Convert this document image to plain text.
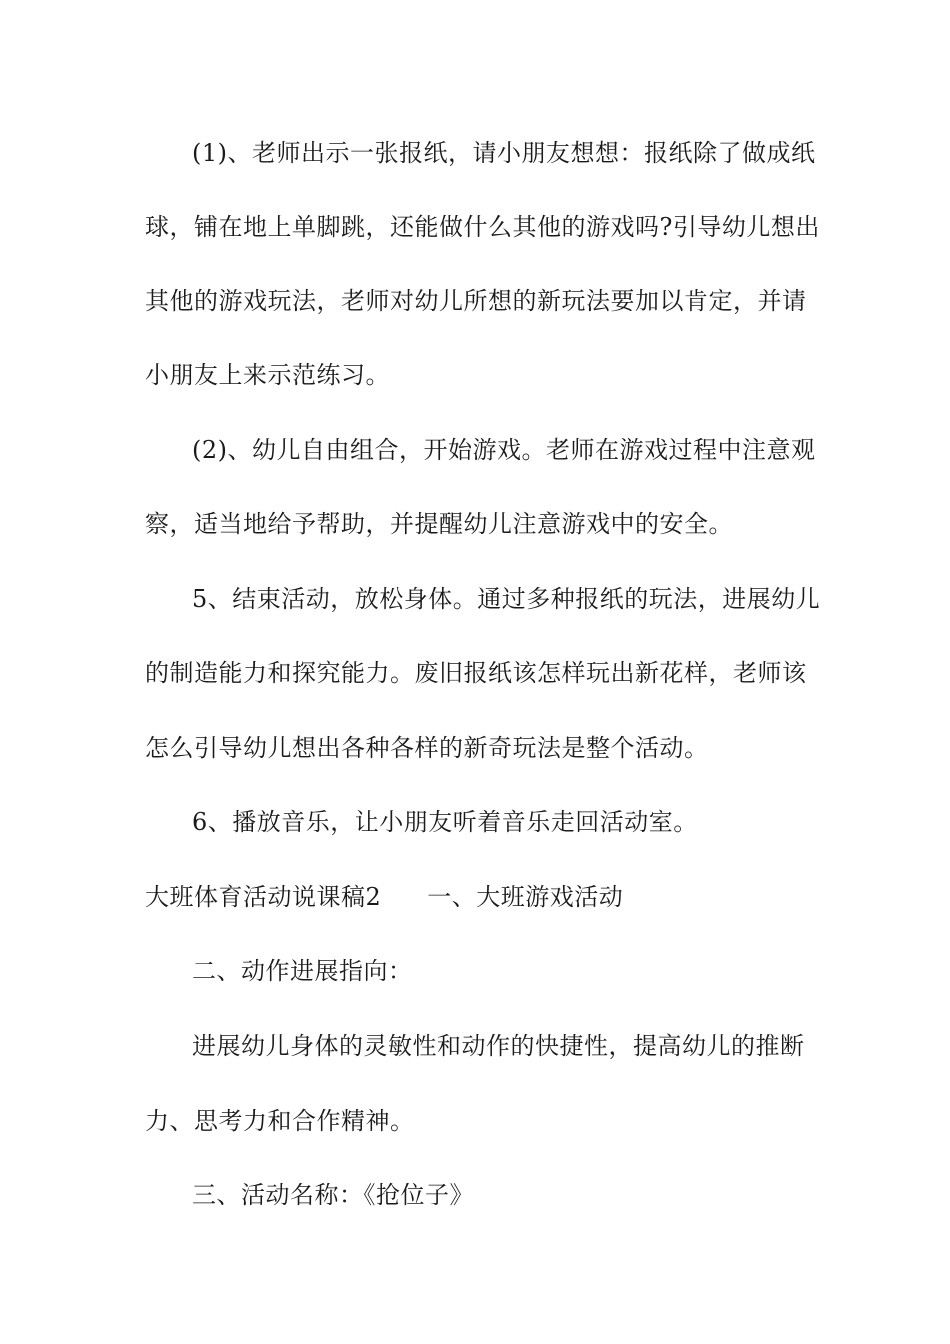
(1)、老师出示一张报纸，请小朋友想想：报纸除了做成纸
球，铺在地上单脚跳，还能做什么其他的游戏吗?引导幼儿想出
其他的游戏玩法，老师对幼儿所想的新玩法要加以肯定，并请
小朋友上来示范练习。
(2)、幼儿自由组合，开始游戏。老师在游戏过程中注意观
察，适当地给予帮助，并提醒幼儿注意游戏中的安全。
5、结束活动，放松身体。通过多种报纸的玩法，进展幼儿
的制造能力和探究能力。废旧报纸该怎样玩出新花样，老师该
怎么引导幼儿想出各种各样的新奇玩法是整个活动。
6、播放音乐，让小朋友听着音乐走回活动室。
大班体育活动说课稿2 一、大班游戏活动
二、动作进展指向：
进展幼儿身体的灵敏性和动作的快捷性，提高幼儿的推断
力、思考力和合作精神。
三、活动名称：《抢位子》
